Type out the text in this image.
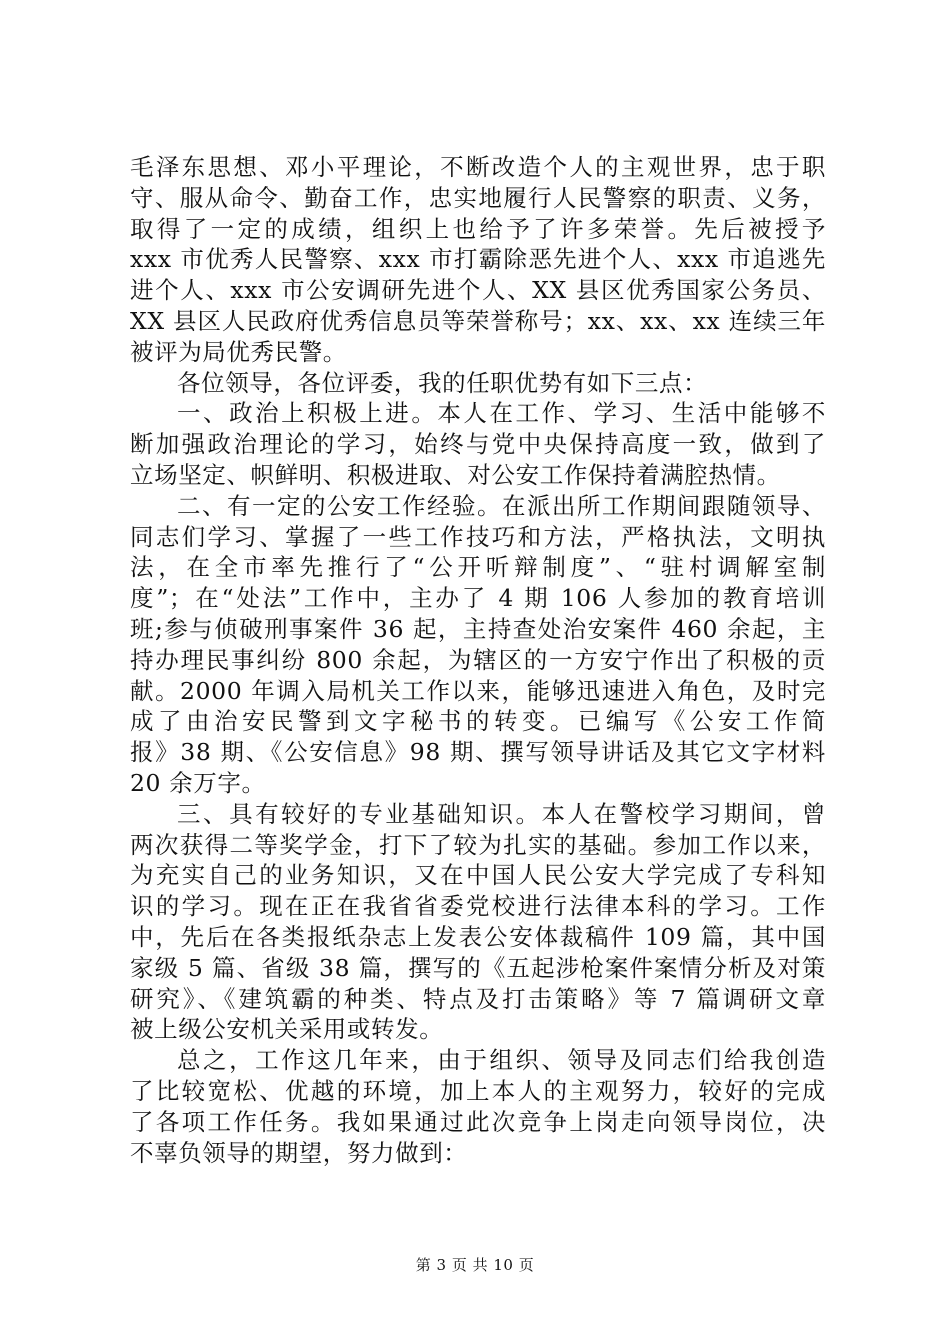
毛泽东思想、邓小平理论，不断改造个人的主观世界，忠于职
守、服从命令、勤奋工作，忠实地履行人民警察的职责、义务，
取得了一定的成绩，组织上也给予了许多荣誉。先后被授予
xxx 市优秀人民警察、xxx 市打霸除恶先进个人、xxx 市追逃先
进个人、xxx 市公安调研先进个人、XX 县区优秀国家公务员、
XX 县区人民政府优秀信息员等荣誉称号；xx、xx、xx 连续三年
被评为局优秀民警。
各位领导，各位评委，我的任职优势有如下三点：
一、政治上积极上进。本人在工作、学习、生活中能够不
断加强政治理论的学习，始终与党中央保持高度一致，做到了
立场坚定、帜鲜明、积极进取、对公安工作保持着满腔热情。
二、有一定的公安工作经验。在派出所工作期间跟随领导、
同志们学习、掌握了一些工作技巧和方法，严格执法，文明执
法，在全市率先推行了“公开听辩制度”、“驻村调解室制
度”；在“处法”工作中，主办了 4 期 106 人参加的教育培训
班;参与侦破刑事案件 36 起，主持查处治安案件 460 余起，主
持办理民事纠纷 800 余起，为辖区的一方安宁作出了积极的贡
献。2000 年调入局机关工作以来，能够迅速进入角色，及时完
成了由治安民警到文字秘书的转变。已编写《公安工作简
报》38 期、《公安信息》98 期、撰写领导讲话及其它文字材料
20 余万字。
三、具有较好的专业基础知识。本人在警校学习期间，曾
两次获得二等奖学金，打下了较为扎实的基础。参加工作以来，
为充实自己的业务知识，又在中国人民公安大学完成了专科知
识的学习。现在正在我省省委党校进行法律本科的学习。工作
中，先后在各类报纸杂志上发表公安体裁稿件 109 篇，其中国
家级 5 篇、省级 38 篇，撰写的《五起涉枪案件案情分析及对策
研究》、《建筑霸的种类、特点及打击策略》等 7 篇调研文章
被上级公安机关采用或转发。
总之，工作这几年来，由于组织、领导及同志们给我创造
了比较宽松、优越的环境，加上本人的主观努力，较好的完成
了各项工作任务。我如果通过此次竞争上岗走向领导岗位，决
不辜负领导的期望，努力做到：
第 3 页 共 10 页
